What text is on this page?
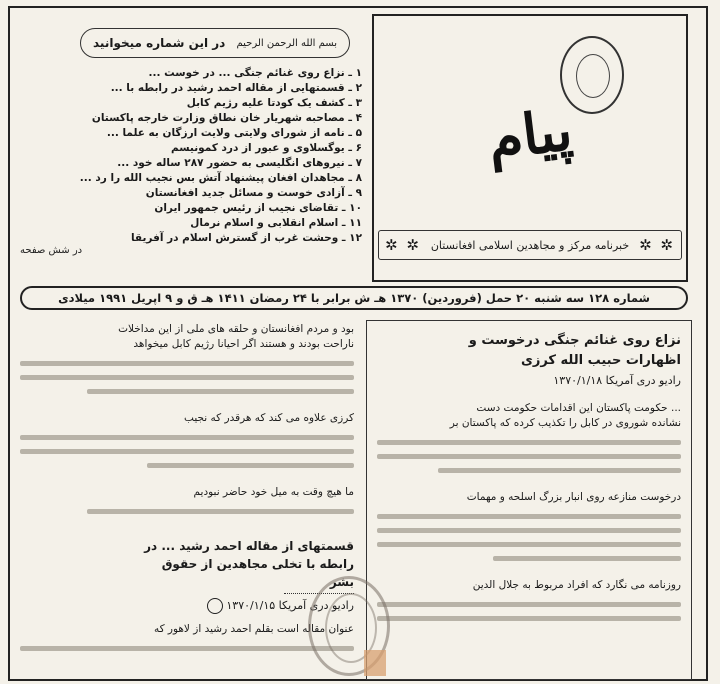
پیام
✲ ✲
خبرنامه مرکز و مجاهدین اسلامی افغانستان
✲ ✲
بسم الله الرحمن الرحیم
در این شماره میخوانید
۱ ـ نزاع روی غنائم جنگی ... در خوست ...
۲ ـ قسمتهایی از مقاله احمد رشید در رابطه با ...
۳ ـ کشف یک کودتا علیه رژیم کابل
۴ ـ مصاحبه شهریار خان نطاق وزارت خارجه پاکستان
۵ ـ نامه از شورای ولایتی ولایت ارزگان به علما ...
۶ ـ یوگسلاوی و عبور از درد کمونیسم
۷ ـ نیروهای انگلیسی به حضور ۲۸۷ ساله خود ...
۸ ـ مجاهدان افغان پیشنهاد آتش بس نجیب الله را رد ...
۹ ـ آزادی خوست و مسائل جدید افغانستان
۱۰ ـ تقاضای نجیب از رئیس جمهور ایران
۱۱ ـ اسلام انقلابی و اسلام نرمال
۱۲ ـ وحشت غرب از گسترش اسلام در آفریقا
در شش صفحه
شماره ۱۲۸ سه شنبه ۲۰ حمل (فروردین) ۱۳۷۰ هـ ش برابر با ۲۴ رمضان ۱۴۱۱ هـ ق و ۹ اپریل ۱۹۹۱ میلادی

نزاع روی غنائم جنگی درخوست و

اظهارات حبیب الله کرزی

رادیو دری آمریکا ۱۳۷۰/۱/۱۸

... حکومت پاکستان این اقدامات حکومت دست

نشانده شوروی در کابل را تکذیب کرده که پاکستان بر

درخوست منازعه روی انبار بزرگ اسلحه و مهمات

روزنامه می نگارد که افراد مربوط به جلال الدین

بود و مردم افغانستان و حلقه های ملی از این مداخلات

ناراحت بودند و هستند اگر احیانا رژیم کابل میخواهد

کرزی علاوه می کند که هرقدر که نجیب

ما هیچ وقت به میل خود حاضر نبودیم

قسمتهای از مقاله احمد رشید ... در

رابطه با تخلی مجاهدین از حقوق

بشر

رادیو دری آمریکا ۱۳۷۰/۱/۱۵

عنوان مقاله است بقلم احمد رشید از لاهور که
